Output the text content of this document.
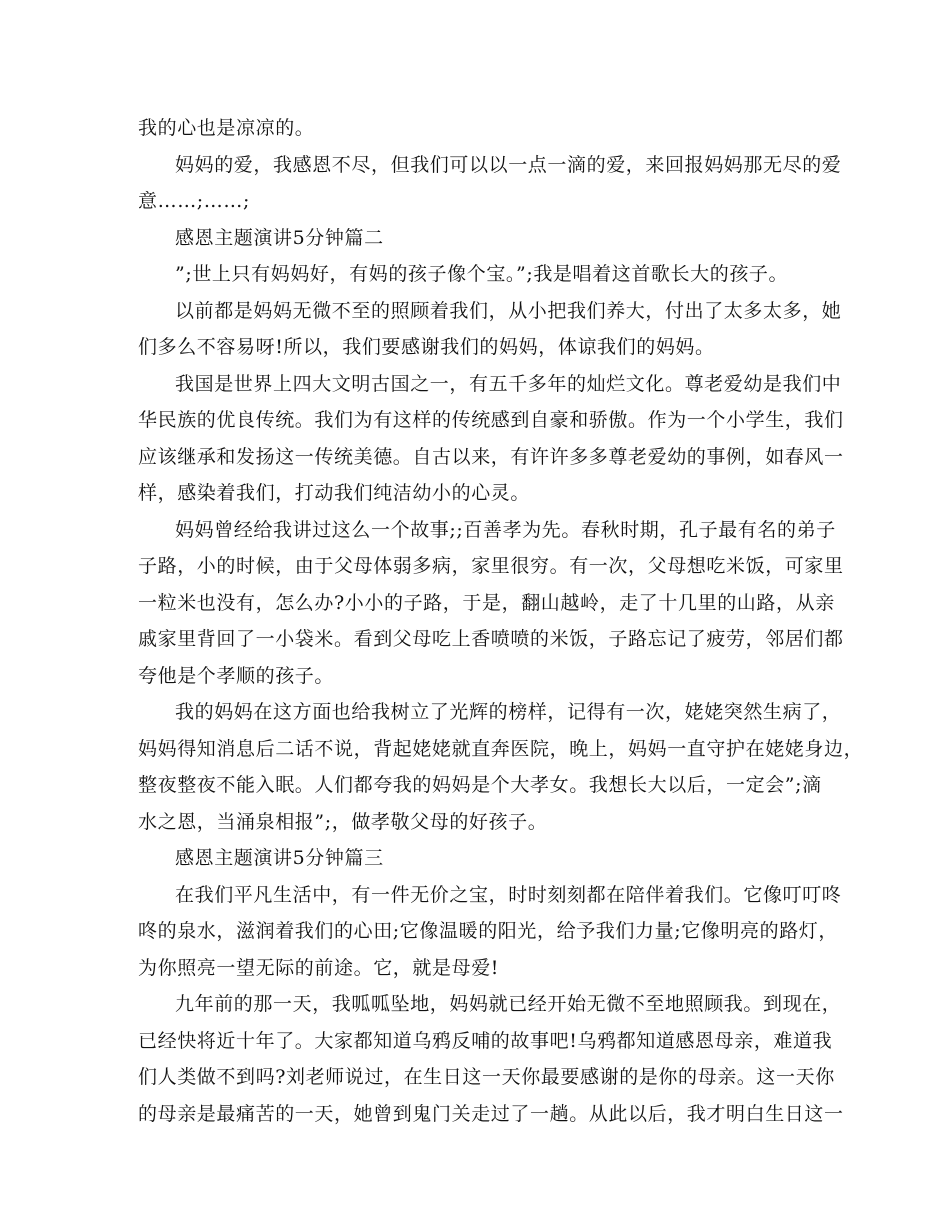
我的心也是凉凉的。
妈妈的爱，我感恩不尽，但我们可以以一点一滴的爱，来回报妈妈那无尽的爱
意……;……;
感恩主题演讲5分钟篇二
”;世上只有妈妈好，有妈的孩子像个宝。”;我是唱着这首歌长大的孩子。
以前都是妈妈无微不至的照顾着我们，从小把我们养大，付出了太多太多，她
们多么不容易呀!所以，我们要感谢我们的妈妈，体谅我们的妈妈。
我国是世界上四大文明古国之一，有五千多年的灿烂文化。尊老爱幼是我们中
华民族的优良传统。我们为有这样的传统感到自豪和骄傲。作为一个小学生，我们
应该继承和发扬这一传统美德。自古以来，有许许多多尊老爱幼的事例，如春风一
样，感染着我们，打动我们纯洁幼小的心灵。
妈妈曾经给我讲过这么一个故事;;百善孝为先。春秋时期，孔子最有名的弟子
子路，小的时候，由于父母体弱多病，家里很穷。有一次，父母想吃米饭，可家里
一粒米也没有，怎么办?小小的子路，于是，翻山越岭，走了十几里的山路，从亲
戚家里背回了一小袋米。看到父母吃上香喷喷的米饭，子路忘记了疲劳，邻居们都
夸他是个孝顺的孩子。
我的妈妈在这方面也给我树立了光辉的榜样，记得有一次，姥姥突然生病了，
妈妈得知消息后二话不说，背起姥姥就直奔医院，晚上，妈妈一直守护在姥姥身边，
整夜整夜不能入眠。人们都夸我的妈妈是个大孝女。我想长大以后，一定会”;滴
水之恩，当涌泉相报”;，做孝敬父母的好孩子。
感恩主题演讲5分钟篇三
在我们平凡生活中，有一件无价之宝，时时刻刻都在陪伴着我们。它像叮叮咚
咚的泉水，滋润着我们的心田;它像温暖的阳光，给予我们力量;它像明亮的路灯，
为你照亮一望无际的前途。它，就是母爱!
九年前的那一天，我呱呱坠地，妈妈就已经开始无微不至地照顾我。到现在，
已经快将近十年了。大家都知道乌鸦反哺的故事吧!乌鸦都知道感恩母亲，难道我
们人类做不到吗?刘老师说过，在生日这一天你最要感谢的是你的母亲。这一天你
的母亲是最痛苦的一天，她曾到鬼门关走过了一趟。从此以后，我才明白生日这一
